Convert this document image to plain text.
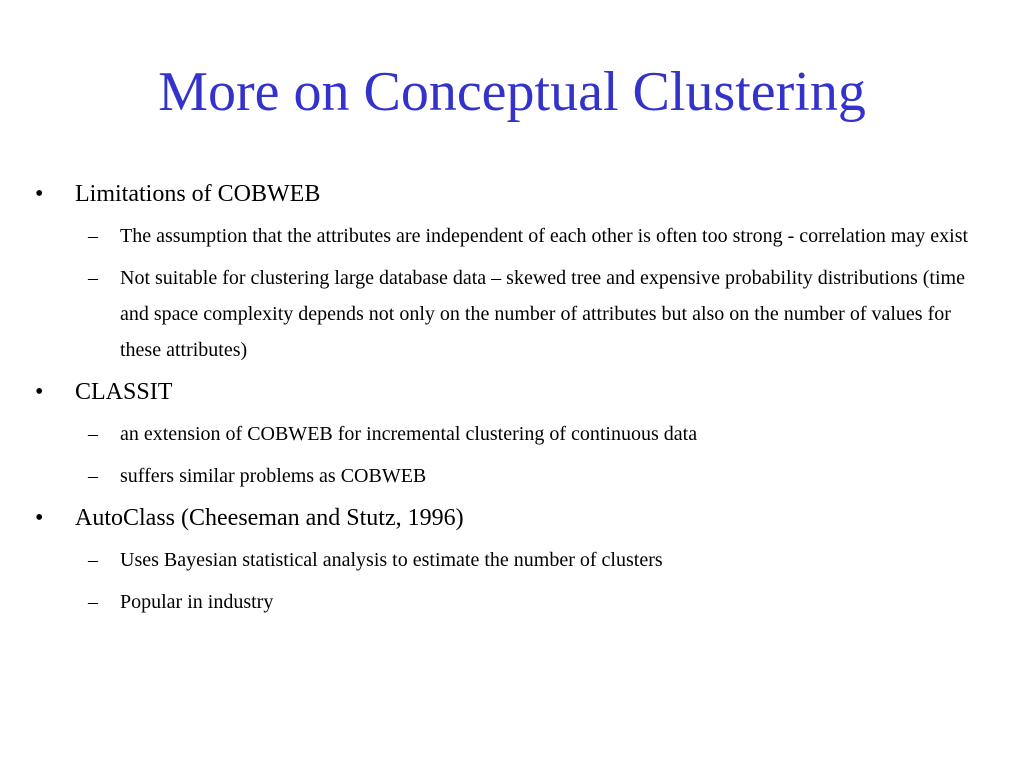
More on Conceptual Clustering
• Limitations of COBWEB
– The assumption that the attributes are independent of each other is often too strong - correlation may exist
– Not suitable for clustering large database data – skewed tree and expensive probability distributions (time and space complexity depends not only on the number of attributes but also on the number of values for these attributes)
• CLASSIT
– an extension of COBWEB for incremental clustering of continuous data
– suffers similar problems as COBWEB
• AutoClass (Cheeseman and Stutz, 1996)
– Uses Bayesian statistical analysis to estimate the number of clusters
– Popular in industry
